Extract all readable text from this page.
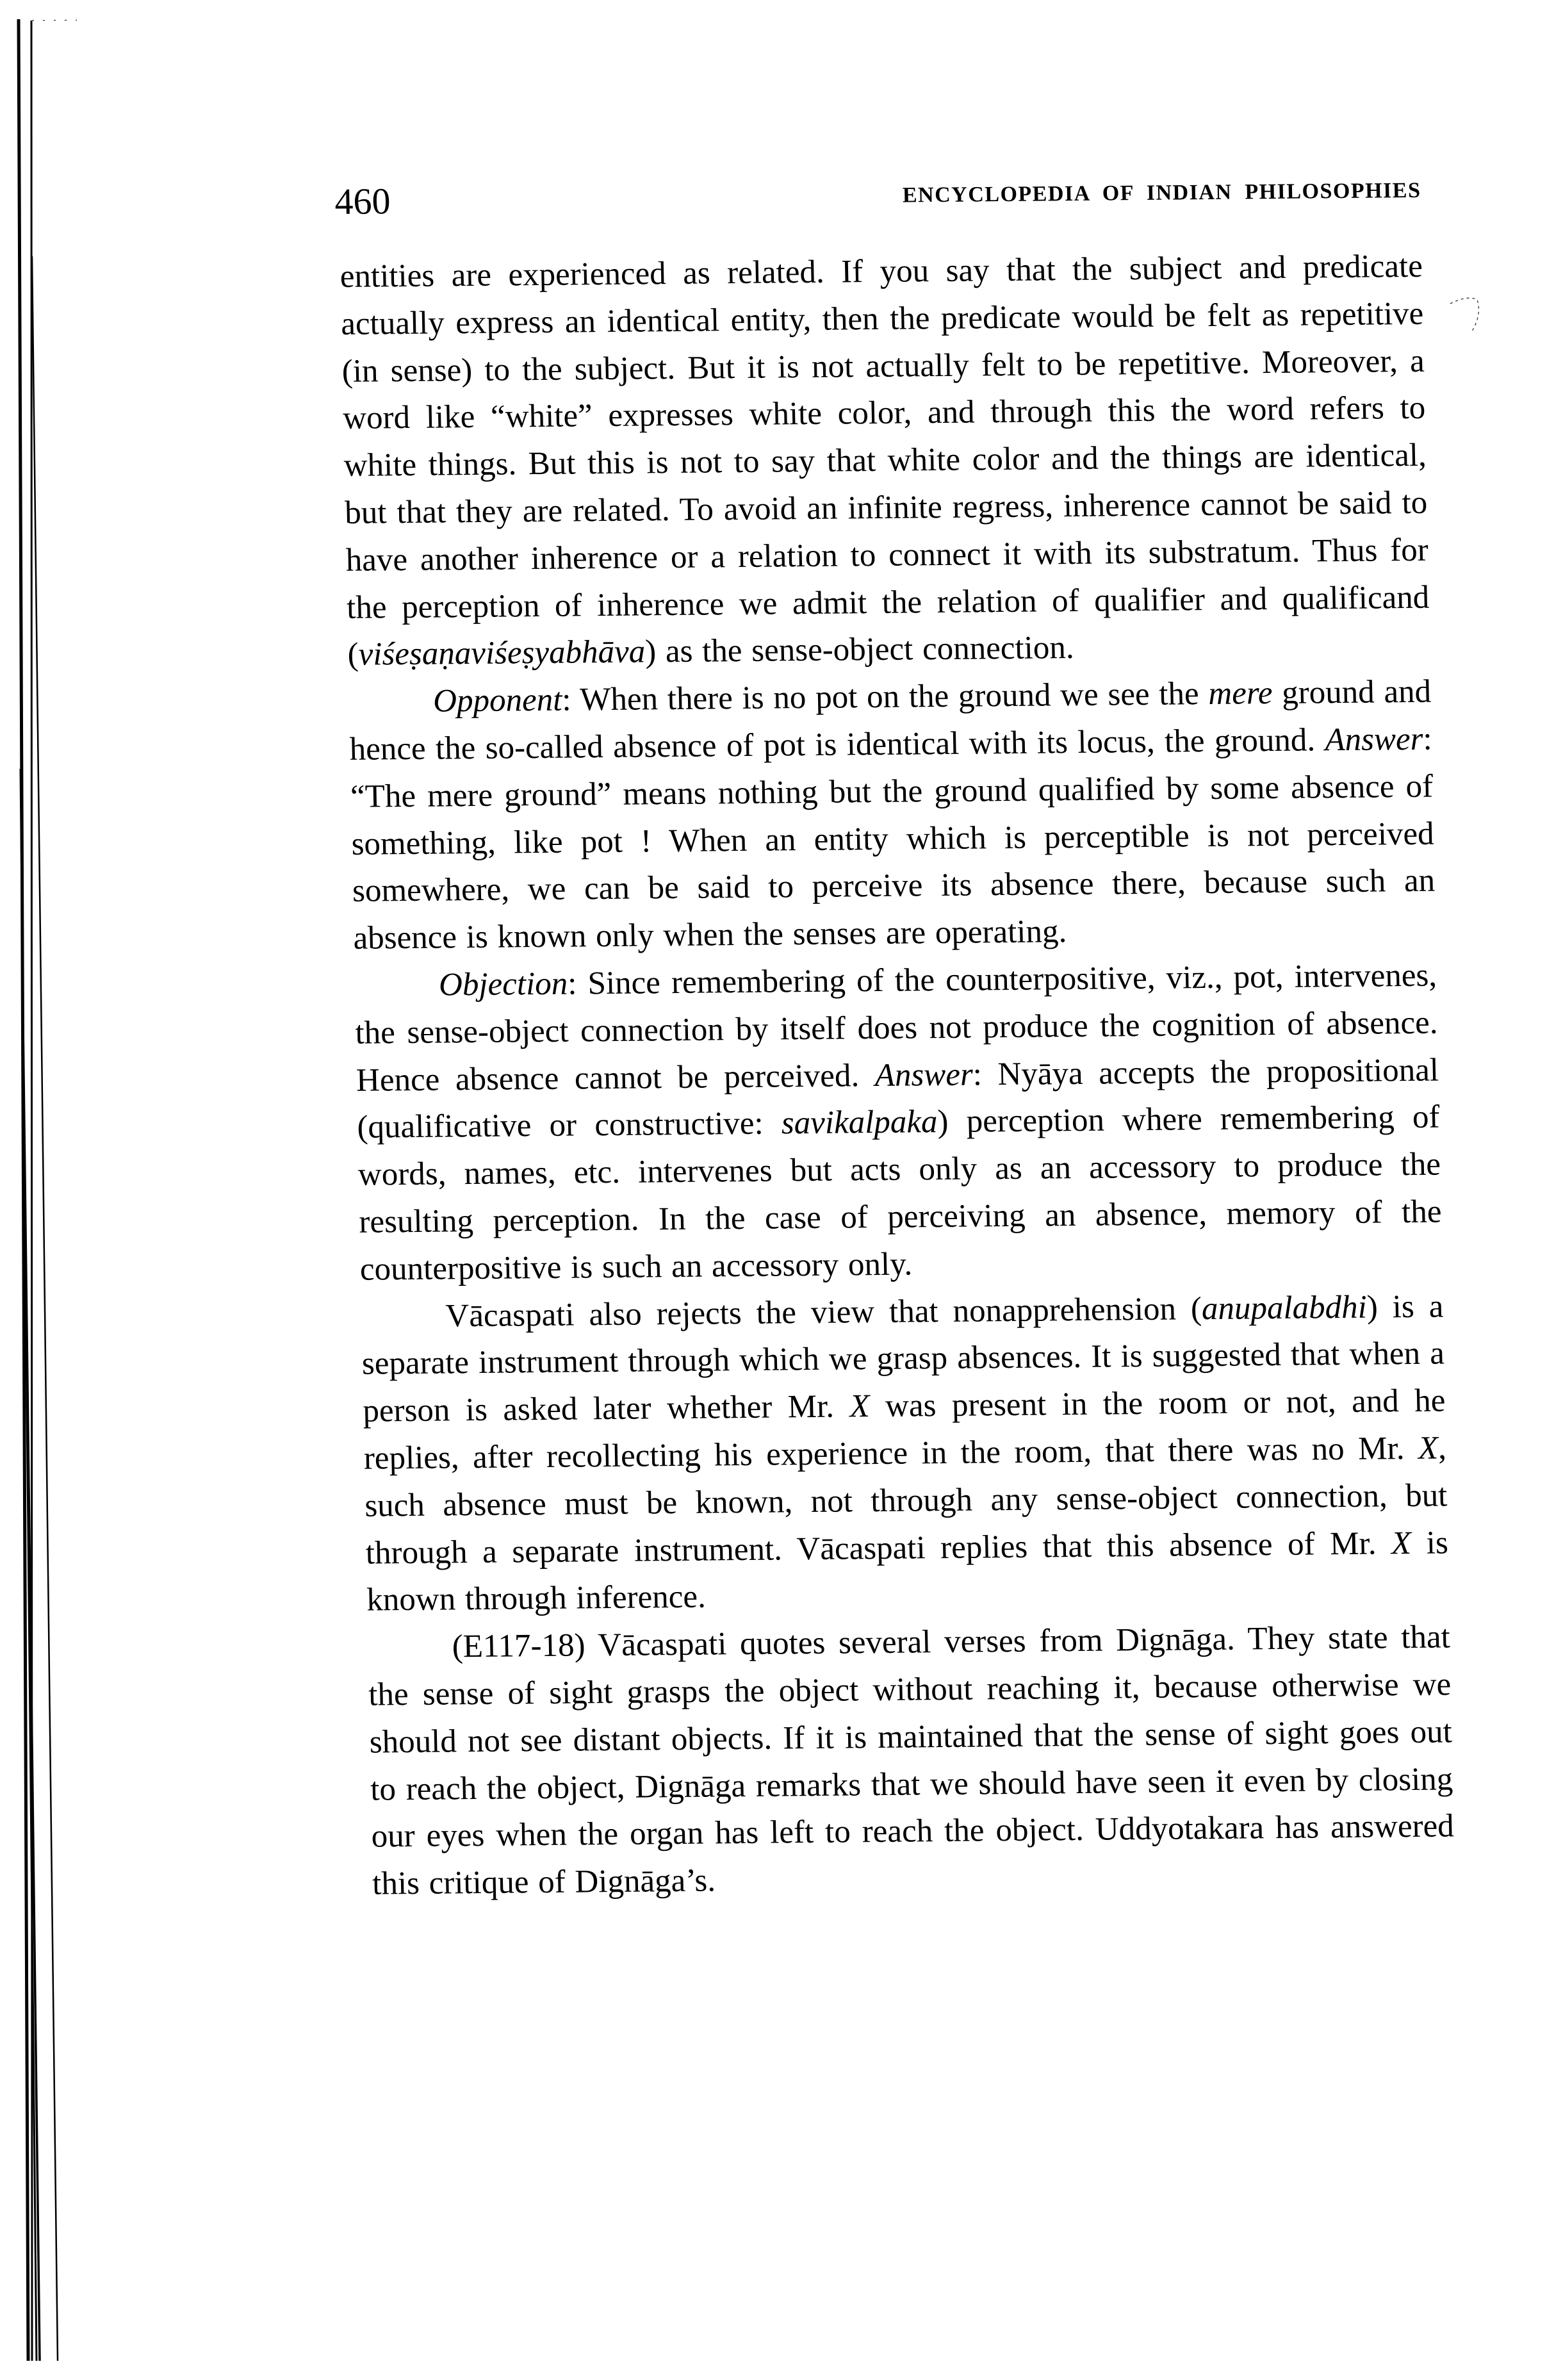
460	ENCYCLOPEDIA OF INDIAN PHILOSOPHIES

entities are experienced as related. If you say that the subject and predicate actually express an identical entity, then the predicate would be felt as repetitive (in sense) to the subject. But it is not actually felt to be repetitive. Moreover, a word like “white” expresses white color, and through this the word refers to white things. But this is not to say that white color and the things are identical, but that they are related. To avoid an infinite regress, inherence cannot be said to have another inherence or a relation to connect it with its substratum. Thus for the perception of inherence we admit the relation of qualifier and qualificand (viśeṣaṇaviśeṣyabhāva) as the sense-object connection.

Opponent: When there is no pot on the ground we see the mere ground and hence the so-called absence of pot is identical with its locus, the ground. Answer: “The mere ground” means nothing but the ground qualified by some absence of something, like pot ! When an entity which is perceptible is not perceived somewhere, we can be said to perceive its absence there, because such an absence is known only when the senses are operating.

Objection: Since remembering of the counterpositive, viz., pot, intervenes, the sense-object connection by itself does not produce the cognition of absence. Hence absence cannot be perceived. Answer: Nyāya accepts the propositional (qualificative or constructive: savikalpaka) perception where remembering of words, names, etc. intervenes but acts only as an accessory to produce the resulting perception. In the case of perceiving an absence, memory of the counterpositive is such an accessory only.

Vācaspati also rejects the view that nonapprehension (anupalabdhi) is a separate instrument through which we grasp absences. It is suggested that when a person is asked later whether Mr. X was present in the room or not, and he replies, after recollecting his experience in the room, that there was no Mr. X, such absence must be known, not through any sense-object connection, but through a separate instrument. Vācaspati replies that this absence of Mr. X is known through inference.

(E117-18) Vācaspati quotes several verses from Dignāga. They state that the sense of sight grasps the object without reaching it, because otherwise we should not see distant objects. If it is maintained that the sense of sight goes out to reach the object, Dignāga remarks that we should have seen it even by closing our eyes when the organ has left to reach the object. Uddyotakara has answered this critique of Dignāga’s.
